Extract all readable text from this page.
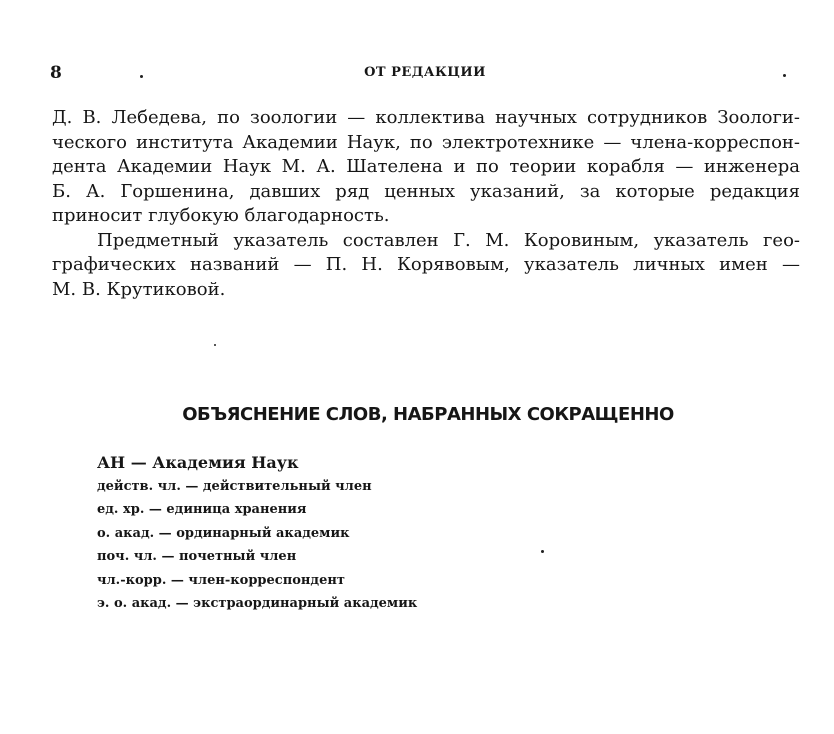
8	ОТ РЕДАКЦИИ

Д. В. Лебедева, по зоологии — коллектива научных сотрудников Зоологи-

ческого института Академии Наук, по электротехнике — члена-корреспон-

дента Академии Наук М. А. Шателена и по теории корабля — инженера

Б. А. Горшенина, давших ряд ценных указаний, за которые редакция

приносит глубокую благодарность.

Предметный указатель составлен Г. М. Коровиным, указатель гео-

графических названий — П. Н. Корявовым, указатель личных имен —

М. В. Крутиковой.

ОБЪЯСНЕНИЕ СЛОВ, НАБРАННЫХ СОКРАЩЕННО
АН — Академия Наук
действ. чл. — действительный член
ед. хр. — единица хранения
о. акад. — ординарный академик
поч. чл. — почетный член
чл.-корр. — член-корреспондент
э. о. акад. — экстраординарный академик
